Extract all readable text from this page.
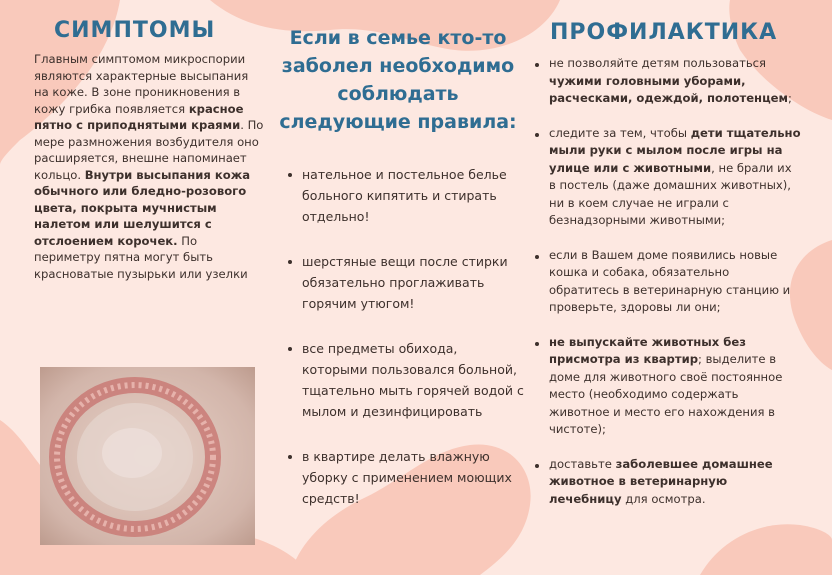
СИМПТОМЫ
Главным симптомом микроспории являются характерные высыпания на коже. В зоне проникновения в кожу грибка появляется красное пятно с приподнятыми краями. По мере размножения возбудителя оно расширяется, внешне напоминает кольцо. Внутри высыпания кожа обычного или бледно-розового цвета, покрыта мучнистым налетом или шелушится с отслоением корочек. По периметру пятна могут быть красноватые пузырьки или узелки
Если в семье кто-то заболел необходимо соблюдать следующие правила:
нательное и постельное белье больного кипятить и стирать отдельно!
шерстяные вещи после стирки обязательно проглаживать горячим утюгом!
все предметы обихода, которыми пользовался больной, тщательно мыть горячей водой с мылом и дезинфицировать
в квартире делать влажную уборку с применением моющих средств!
ПРОФИЛАКТИКА
не позволяйте детям пользоваться чужими головными уборами, расческами, одеждой, полотенцем;
следите за тем, чтобы дети тщательно мыли руки с мылом после игры на улице или с животными, не брали их в постель (даже домашних животных), ни в коем случае не играли с безнадзорными животными;
если в Вашем доме появились новые кошка и собака, обязательно обратитесь в ветеринарную станцию и проверьте, здоровы ли они;
не выпускайте животных без присмотра из квартир; выделите в доме для животного своё постоянное место (необходимо содержать животное и место его нахождения в чистоте);
доставьте заболевшее домашнее животное в ветеринарную лечебницу для осмотра.
